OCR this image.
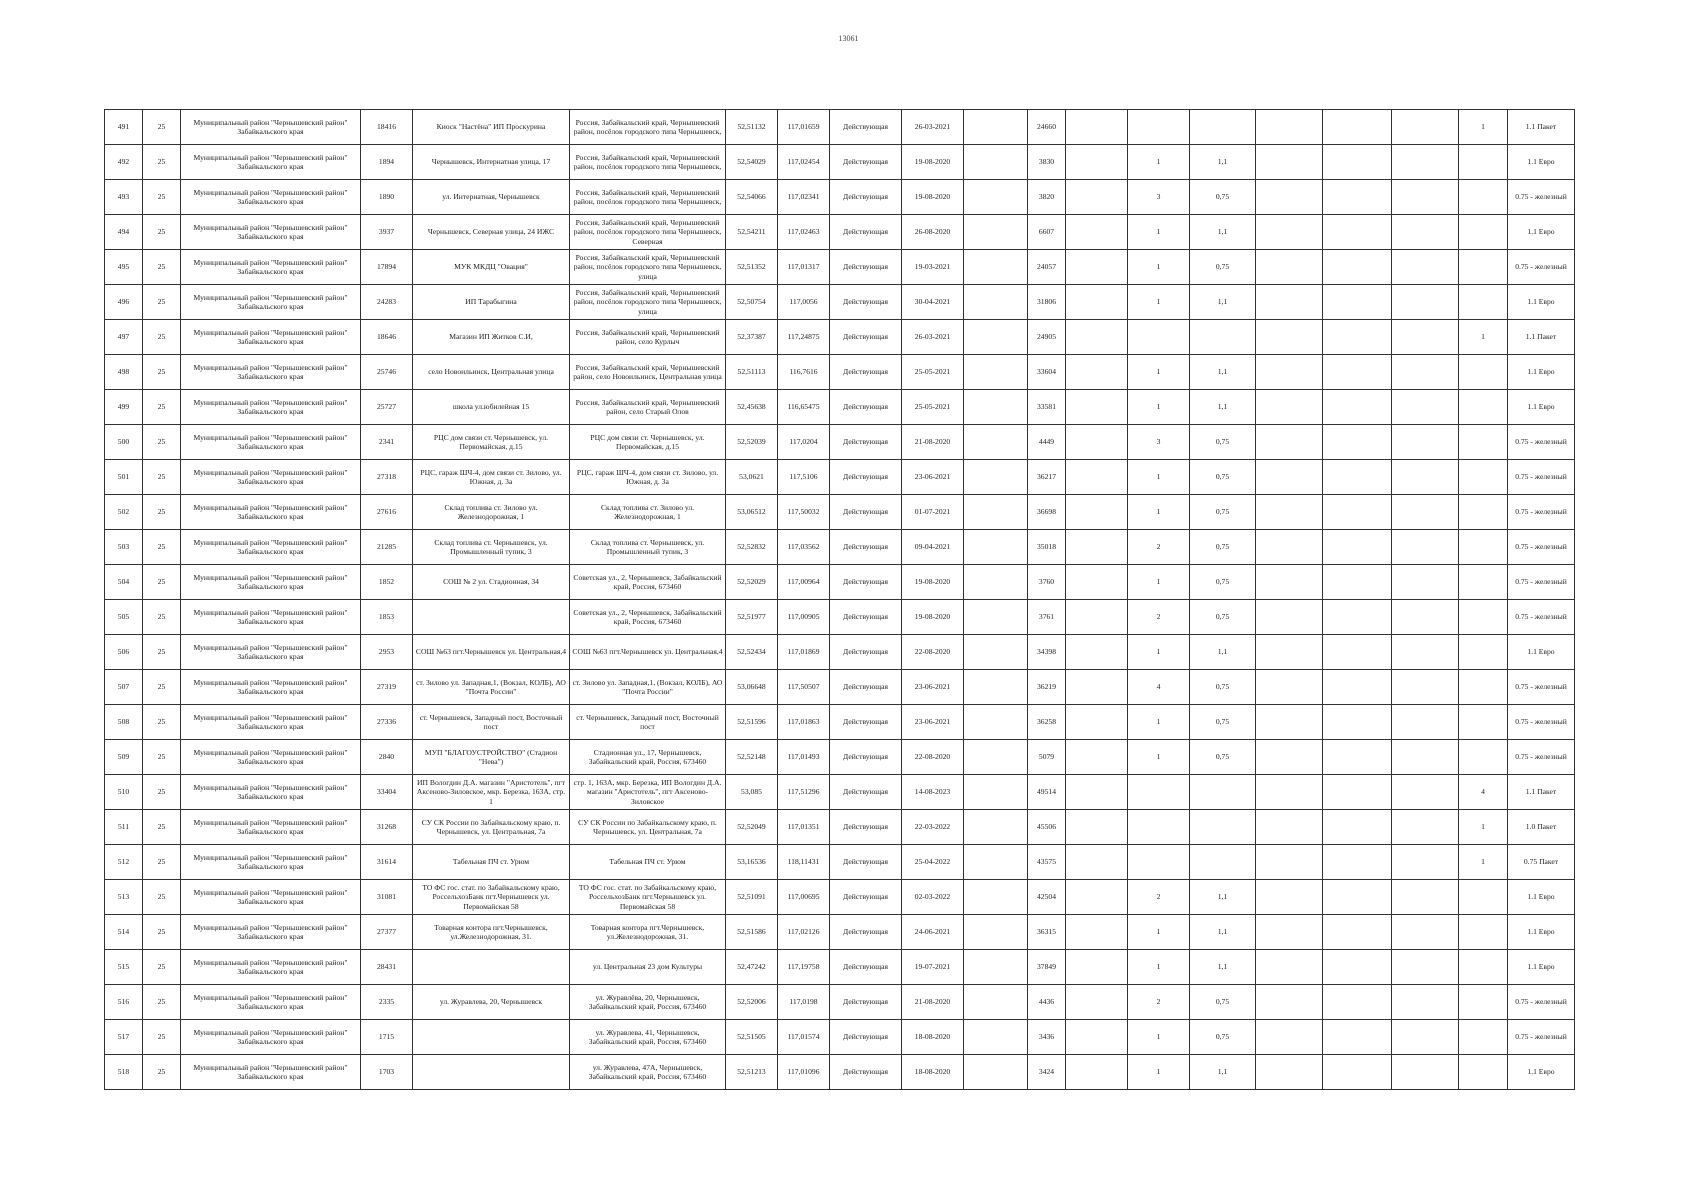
13061
491	25	Муниципальный район "Чернышевский район" Забайкальского края	18416	Киоск "Настёна" ИП Проскурина	Россия, Забайкальский край, Чернышевский район, посёлок городского типа Чернышевск,	52,51132	117,01659	Действующая	26-03-2021		24660							1	1.1 Пакет

492	25	Муниципальный район "Чернышевский район" Забайкальского края	1894	Чернышевск, Интернатная улица, 17	Россия, Забайкальский край, Чернышевский район, посёлок городского типа Чернышевск,	52,54029	117,02454	Действующая	19-08-2020		3830		1	1,1					1.1 Евро

493	25	Муниципальный район "Чернышевский район" Забайкальского края	1890	ул. Интернатная, Чернышевск	Россия, Забайкальский край, Чернышевский район, посёлок городского типа Чернышевск,	52,54066	117,02341	Действующая	19-08-2020		3820		3	0,75					0.75 - железный

494	25	Муниципальный район "Чернышевский район" Забайкальского края	3937	Чернышевск, Северная улица, 24 ИЖС	Россия, Забайкальский край, Чернышевский район, посёлок городского типа Чернышевск, Северная	52,54211	117,02463	Действующая	26-08-2020		6607		1	1,1					1.1 Евро

495	25	Муниципальный район "Чернышевский район" Забайкальского края	17894	МУК МКДЦ "Овация"	Россия, Забайкальский край, Чернышевский район, посёлок городского типа Чернышевск, улица	52,51352	117,01317	Действующая	19-03-2021		24057		1	0,75					0.75 - железный

496	25	Муниципальный район "Чернышевский район" Забайкальского края	24283	ИП Тарабыгина	Россия, Забайкальский край, Чернышевский район, посёлок городского типа Чернышевск, улица	52,50754	117,0056	Действующая	30-04-2021		31806		1	1,1					1.1 Евро

497	25	Муниципальный район "Чернышевский район" Забайкальского края	18646	Магазин ИП Житков С.И,	Россия, Забайкальский край, Чернышевский район, село Курлыч	52,37387	117,24875	Действующая	26-03-2021		24905							1	1.1 Пакет

498	25	Муниципальный район "Чернышевский район" Забайкальского края	25746	село Новоильинск, Центральная улица	Россия, Забайкальский край, Чернышевский район, село Новоильинск, Центральная улица	52,51113	116,7616	Действующая	25-05-2021		33604		1	1,1					1.1 Евро

499	25	Муниципальный район "Чернышевский район" Забайкальского края	25727	школа ул.юбилейная 15	Россия, Забайкальский край, Чернышевский район, село Старый Олов	52,45638	116,65475	Действующая	25-05-2021		33581		1	1,1					1.1 Евро

500	25	Муниципальный район "Чернышевский район" Забайкальского края	2341	РЦС дом связи ст. Чернышевск, ул. Первомайская, д.15	РЦС дом связи ст. Чернышевск, ул. Первомайская, д.15	52,52039	117,0204	Действующая	21-08-2020		4449		3	0,75					0.75 - железный

501	25	Муниципальный район "Чернышевский район" Забайкальского края	27318	РЦС, гараж ШЧ-4, дом связи ст. Зилово, ул. Южная, д. 3а	РЦС, гараж ШЧ-4, дом связи ст. Зилово, ул. Южная, д. 3а	53,0621	117,5106	Действующая	23-06-2021		36217		1	0,75					0.75 - железный

502	25	Муниципальный район "Чернышевский район" Забайкальского края	27616	Склад топлива ст. Зилово ул. Железнодорожная, 1	Склад топлива ст. Зилово ул. Железнодорожная, 1	53,06512	117,50032	Действующая	01-07-2021		36698		1	0,75					0.75 - железный

503	25	Муниципальный район "Чернышевский район" Забайкальского края	21285	Склад топлива ст. Чернышевск, ул. Промышленный тупик, 3	Склад топлива ст. Чернышевск, ул. Промышленный тупик, 3	52,52832	117,03562	Действующая	09-04-2021		35018		2	0,75					0.75 - железный

504	25	Муниципальный район "Чернышевский район" Забайкальского края	1852	СОШ № 2 ул. Стадионная, 34	Советская ул., 2, Чернышевск, Забайкальский край, Россия, 673460	52,52029	117,00964	Действующая	19-08-2020		3760		1	0,75					0.75 - железный

505	25	Муниципальный район "Чернышевский район" Забайкальского края	1853		Советская ул., 2, Чернышевск, Забайкальский край, Россия, 673460	52,51977	117,00905	Действующая	19-08-2020		3761		2	0,75					0.75 - железный

506	25	Муниципальный район "Чернышевский район" Забайкальского края	2953	СОШ №63 пгт.Чернышевск ул. Центральная,4	СОШ №63 пгт.Чернышевск ул. Центральная,4	52,52434	117,01869	Действующая	22-08-2020		34398		1	1,1					1.1 Евро

507	25	Муниципальный район "Чернышевский район" Забайкальского края	27319	ст. Зилово ул. Западная,1, (Вокзал, КОЛБ), АО "Почта России"	ст. Зилово ул. Западная,1, (Вокзал, КОЛБ), АО "Почта России"	53,06648	117,50507	Действующая	23-06-2021		36219		4	0,75					0.75 - железный

508	25	Муниципальный район "Чернышевский район" Забайкальского края	27336	ст. Чернышевск, Западный пост, Восточный пост	ст. Чернышевск, Западный пост, Восточный пост	52,51596	117,01863	Действующая	23-06-2021		36258		1	0,75					0.75 - железный

509	25	Муниципальный район "Чернышевский район" Забайкальского края	2840	МУП "БЛАГОУСТРОЙСТВО" (Стадион "Нева")	Стадионная ул., 17, Чернышевск, Забайкальский край, Россия, 673460	52,52148	117,01493	Действующая	22-08-2020		5079		1	0,75					0.75 - железный

510	25	Муниципальный район "Чернышевский район" Забайкальского края	33404	ИП Вологдин Д.А. магазин "Аристотель", пгт Аксеново-Зиловское, мкр. Березка, 163А, стр. 1	стр. 1, 163А, мкр. Березка, ИП Вологдин Д.А. магазин "Аристотель", пгт Аксеново-Зиловское	53,085	117,51296	Действующая	14-08-2023		49514							4	1.1 Пакет

511	25	Муниципальный район "Чернышевский район" Забайкальского края	31268	СУ СК России по Забайкальскому краю, п. Чернышевск, ул. Центральная, 7а	СУ СК России по Забайкальскому краю, п. Чернышевск, ул. Центральная, 7а	52,52049	117,01351	Действующая	22-03-2022		45506							1	1.0 Пакет

512	25	Муниципальный район "Чернышевский район" Забайкальского края	31614	Табельная ПЧ ст. Урюм	Табельная ПЧ ст. Урюм	53,16536	118,11431	Действующая	25-04-2022		43575							1	0.75 Пакет

513	25	Муниципальный район "Чернышевский район" Забайкальского края	31081	ТО ФС гос. стат. по Забайкальскому краю, РоссельхозБанк пгт.Чернышевск ул. Первомайская 58	ТО ФС гос. стат. по Забайкальскому краю, РоссельхозБанк пгт.Чернышевск ул. Первомайская 58	52,51091	117,00695	Действующая	02-03-2022		42504		2	1,1					1.1 Евро

514	25	Муниципальный район "Чернышевский район" Забайкальского края	27377	Товарная контора пгт.Чернышевск, ул.Железнодорожная, 31.	Товарная контора пгт.Чернышевск, ул.Железнодорожная, 31.	52,51586	117,02126	Действующая	24-06-2021		36315		1	1,1					1.1 Евро

515	25	Муниципальный район "Чернышевский район" Забайкальского края	28431		ул. Центральная 23 дом Культуры	52,47242	117,19758	Действующая	19-07-2021		37849		1	1,1					1.1 Евро

516	25	Муниципальный район "Чернышевский район" Забайкальского края	2335	ул. Журавлева, 20, Чернышевск	ул. Журавлёва, 20, Чернышевск, Забайкальский край, Россия, 673460	52,52006	117,0198	Действующая	21-08-2020		4436		2	0,75					0.75 - железный

517	25	Муниципальный район "Чернышевский район" Забайкальского края	1715		ул. Журавлева, 41, Чернышевск, Забайкальский край, Россия, 673460	52,51505	117,01574	Действующая	18-08-2020		3436		1	0,75					0.75 - железный

518	25	Муниципальный район "Чернышевский район" Забайкальского края	1703		ул. Журавлева, 47А, Чернышевск, Забайкальский край, Россия, 673460	52,51213	117,01096	Действующая	18-08-2020		3424		1	1,1					1.1 Евро
